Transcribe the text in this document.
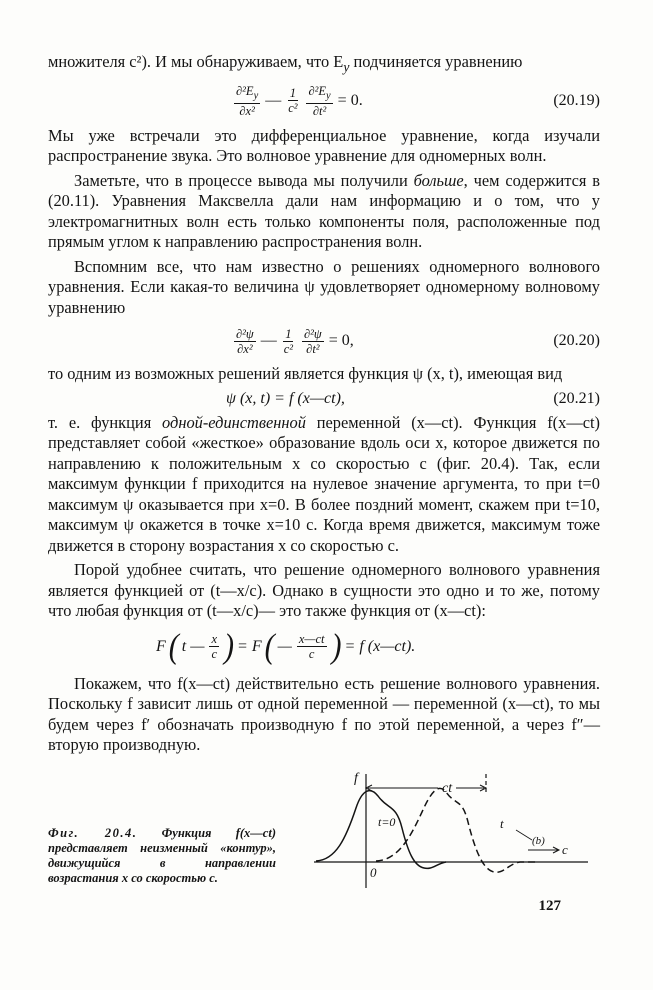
множителя c²). И мы обнаруживаем, что $E_y$ подчиняется уравнению

$\frac{\partial^2E_y}{\text{∂x²}}$ — $\frac{1}{\text{c²}} \frac{\partial^2E_y}{\text{∂t²}} = 0$.	(20.19)

Мы уже встречали это дифференциальное уравнение, когда изучали распространение звука. Это волновое уравнение для одномерных волн.

Заметьте, что в процессе вывода мы получили больше, чем содержится в (20.11). Уравнения Максвелла дали нам информацию и о том, что у электромагнитных волн есть только компоненты поля, расположенные под прямым углом к направлению распространения волн.

Вспомним все, что нам известно о решениях одномерного волнового уравнения. Если какая-то величина ψ удовлетворяет одномерному волновому уравнению

$\frac{\text{∂²ψ}}{\text{∂x²}}$ — $\frac{1}{\text{c²}} \frac{\text{∂²ψ}}{\text{∂t²}} = 0$,	(20.20)

то одним из возможных решений является функция ψ (x, t), имеющая вид

ψ (x, t) = f (x—ct),	(20.21)

т. е. функция одной-единственной переменной (x—ct). Функция f(x—ct) представляет собой «жесткое» образование вдоль оси x, которое движется по направлению к положительным x со скоростью c (фиг. 20.4). Так, если максимум функции f приходится на нулевое значение аргумента, то при t=0 максимум ψ оказывается при x=0. В более поздний момент, скажем при t=10, максимум ψ окажется в точке x=10 c. Когда время движется, максимум тоже движется в сторону возрастания x со скоростью c.

Порой удобнее считать, что решение одномерного волнового уравнения является функцией от (t—x/c). Однако в сущности это одно и то же, потому что любая функция от (t—x/c)— это также функция от (x—ct):

F ( t — $\frac{x}{c}$ ) = F ( — $\frac{x—ct}{c}$ ) = f (x—ct).

Покажем, что f(x—ct) действительно есть решение волнового уравнения. Поскольку f зависит лишь от одной переменной — переменной (x—ct), то мы будем через f′ обозначать производную f по этой переменной, а через f″— вторую производную.

Фиг. 20.4. Функция f(x—ct) представляет неизменный «контур», движущийся в направлении возрастания x со скоростью c.
f
ct
t=0	t
(b)
c
0
127
